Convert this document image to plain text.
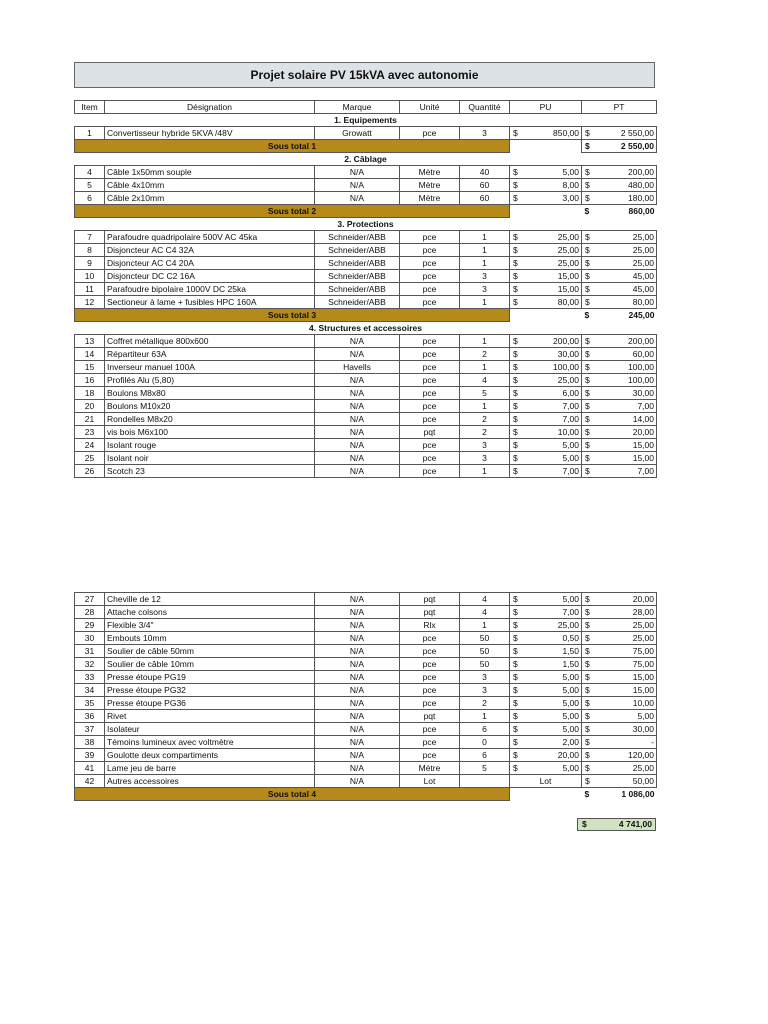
Projet solaire PV 15kVA avec autonomie
Item	Désignation	Marque	Unité	Quantité	PU	PT
1. Equipements						
1	Convertisseur hybride 5KVA /48V	Growatt	pce	3	$ 850,00	$ 2 550,00
Sous total 1						$ 2 550,00
2. Câblage						
4	Câble 1x50mm souple	N/A	Mètre	40	$ 5,00	$ 200,00
5	Câble 4x10mm	N/A	Mètre	60	$ 8,00	$ 480,00
6	Câble 2x10mm	N/A	Mètre	60	$ 3,00	$ 180,00
Sous total 2						$ 860,00
3. Protections						
7	Parafoudre quadripolaire 500V AC 45ka	Schneider/ABB	pce	1	$ 25,00	$ 25,00
8	Disjoncteur AC C4 32A	Schneider/ABB	pce	1	$ 25,00	$ 25,00
9	Disjoncteur AC C4 20A	Schneider/ABB	pce	1	$ 25,00	$ 25,00
10	Disjoncteur DC C2 16A	Schneider/ABB	pce	3	$ 15,00	$ 45,00
11	Parafoudre bipolaire 1000V DC 25ka	Schneider/ABB	pce	3	$ 15,00	$ 45,00
12	Sectioneur à lame + fusibles HPC 160A	Schneider/ABB	pce	1	$ 80,00	$ 80,00
Sous total 3						$ 245,00
4. Structures et accessoires						
13	Coffret métallique 800x600	N/A	pce	1	$ 200,00	$ 200,00
14	Répartiteur 63A	N/A	pce	2	$ 30,00	$ 60,00
15	Inverseur manuel 100A	Havells	pce	1	$ 100,00	$ 100,00
16	Profilés Alu (5,80)	N/A	pce	4	$ 25,00	$ 100,00
18	Boulons M8x80	N/A	pce	5	$ 6,00	$ 30,00
20	Boulons M10x20	N/A	pce	1	$ 7,00	$ 7,00
21	Rondelles M8x20	N/A	pce	2	$ 7,00	$ 14,00
23	vis bois M6x100	N/A	pqt	2	$ 10,00	$ 20,00
24	Isolant rouge	N/A	pce	3	$ 5,00	$ 15,00
25	Isolant noir	N/A	pce	3	$ 5,00	$ 15,00
26	Scotch 23	N/A	pce	1	$ 7,00	$ 7,00
27	Cheville de 12	N/A	pqt	4	$ 5,00	$ 20,00
28	Attache colsons	N/A	pqt	4	$ 7,00	$ 28,00
29	Flexible 3/4"	N/A	Rlx	1	$ 25,00	$ 25,00
30	Embouts 10mm	N/A	pce	50	$ 0,50	$ 25,00
31	Soulier de câble 50mm	N/A	pce	50	$ 1,50	$ 75,00
32	Soulier de câble 10mm	N/A	pce	50	$ 1,50	$ 75,00
33	Presse étoupe PG19	N/A	pce	3	$ 5,00	$ 15,00
34	Presse étoupe PG32	N/A	pce	3	$ 5,00	$ 15,00
35	Presse étoupe PG36	N/A	pce	2	$ 5,00	$ 10,00
36	Rivet	N/A	pqt	1	$ 5,00	$ 5,00
37	Isolateur	N/A	pce	6	$ 5,00	$ 30,00
38	Témoins lumineux avec voltmètre	N/A	pce	0	$ 2,00	$ -
39	Goulotte deux compartiments	N/A	pce	6	$ 20,00	$ 120,00
41	Lame jeu de barre	N/A	Mètre	5	$ 5,00	$ 25,00
42	Autres accessoires	N/A	Lot		Lot	$ 50,00
Sous total 4						$ 1 086,00
$	4 741,00
